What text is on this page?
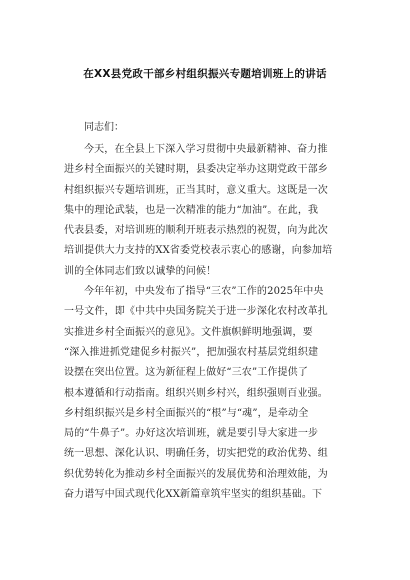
在XX县党政干部乡村组织振兴专题培训班上的讲话
同志们：

今天，在全县上下深入学习贯彻中央最新精神、奋力推
进乡村全面振兴的关键时期，县委决定举办这期党政干部乡
村组织振兴专题培训班，正当其时，意义重大。这既是一次
集中的理论武装，也是一次精准的能力“加油”。在此，我
代表县委，对培训班的顺利开班表示热烈的祝贺，向为此次
培训提供大力支持的XX省委党校表示衷心的感谢，向参加培
训的全体同志们致以诚挚的问候！

今年年初，中央发布了指导“三农”工作的2025年中央
一号文件，即《中共中央国务院关于进一步深化农村改革扎
实推进乡村全面振兴的意见》。文件旗帜鲜明地强调，要
“深入推进抓党建促乡村振兴”，把加强农村基层党组织建
设摆在突出位置。这为新征程上做好“三农”工作提供了
根本遵循和行动指南。组织兴则乡村兴，组织强则百业强。
乡村组织振兴是乡村全面振兴的“根”与“魂”，是牵动全
局的“牛鼻子”。办好这次培训班，就是要引导大家进一步
统一思想、深化认识、明确任务，切实把党的政治优势、组
织优势转化为推动乡村全面振兴的发展优势和治理效能，为
奋力谱写中国式现代化XX新篇章筑牢坚实的组织基础。下
